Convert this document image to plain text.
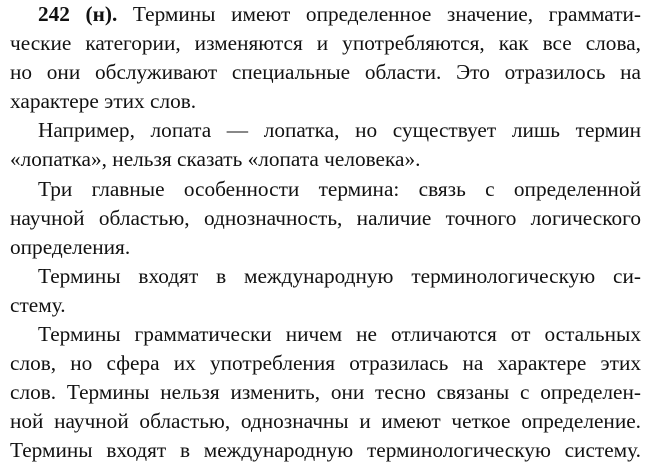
242 (н). Термины имеют определенное значение, граммати-
ческие категории, изменяются и употребляются, как все слова,
но они обслуживают специальные области. Это отразилось на
характере этих слов.
Например, лопата — лопатка, но существует лишь термин
«лопатка», нельзя сказать «лопата человека».
Три главные особенности термина: связь с определенной
научной областью, однозначность, наличие точного логического
определения.
Термины входят в международную терминологическую си-
стему.
Термины грамматически ничем не отличаются от остальных
слов, но сфера их употребления отразилась на характере этих
слов. Термины нельзя изменить, они тесно связаны с определен-
ной научной областью, однозначны и имеют четкое определение.
Термины входят в международную терминологическую систему.
